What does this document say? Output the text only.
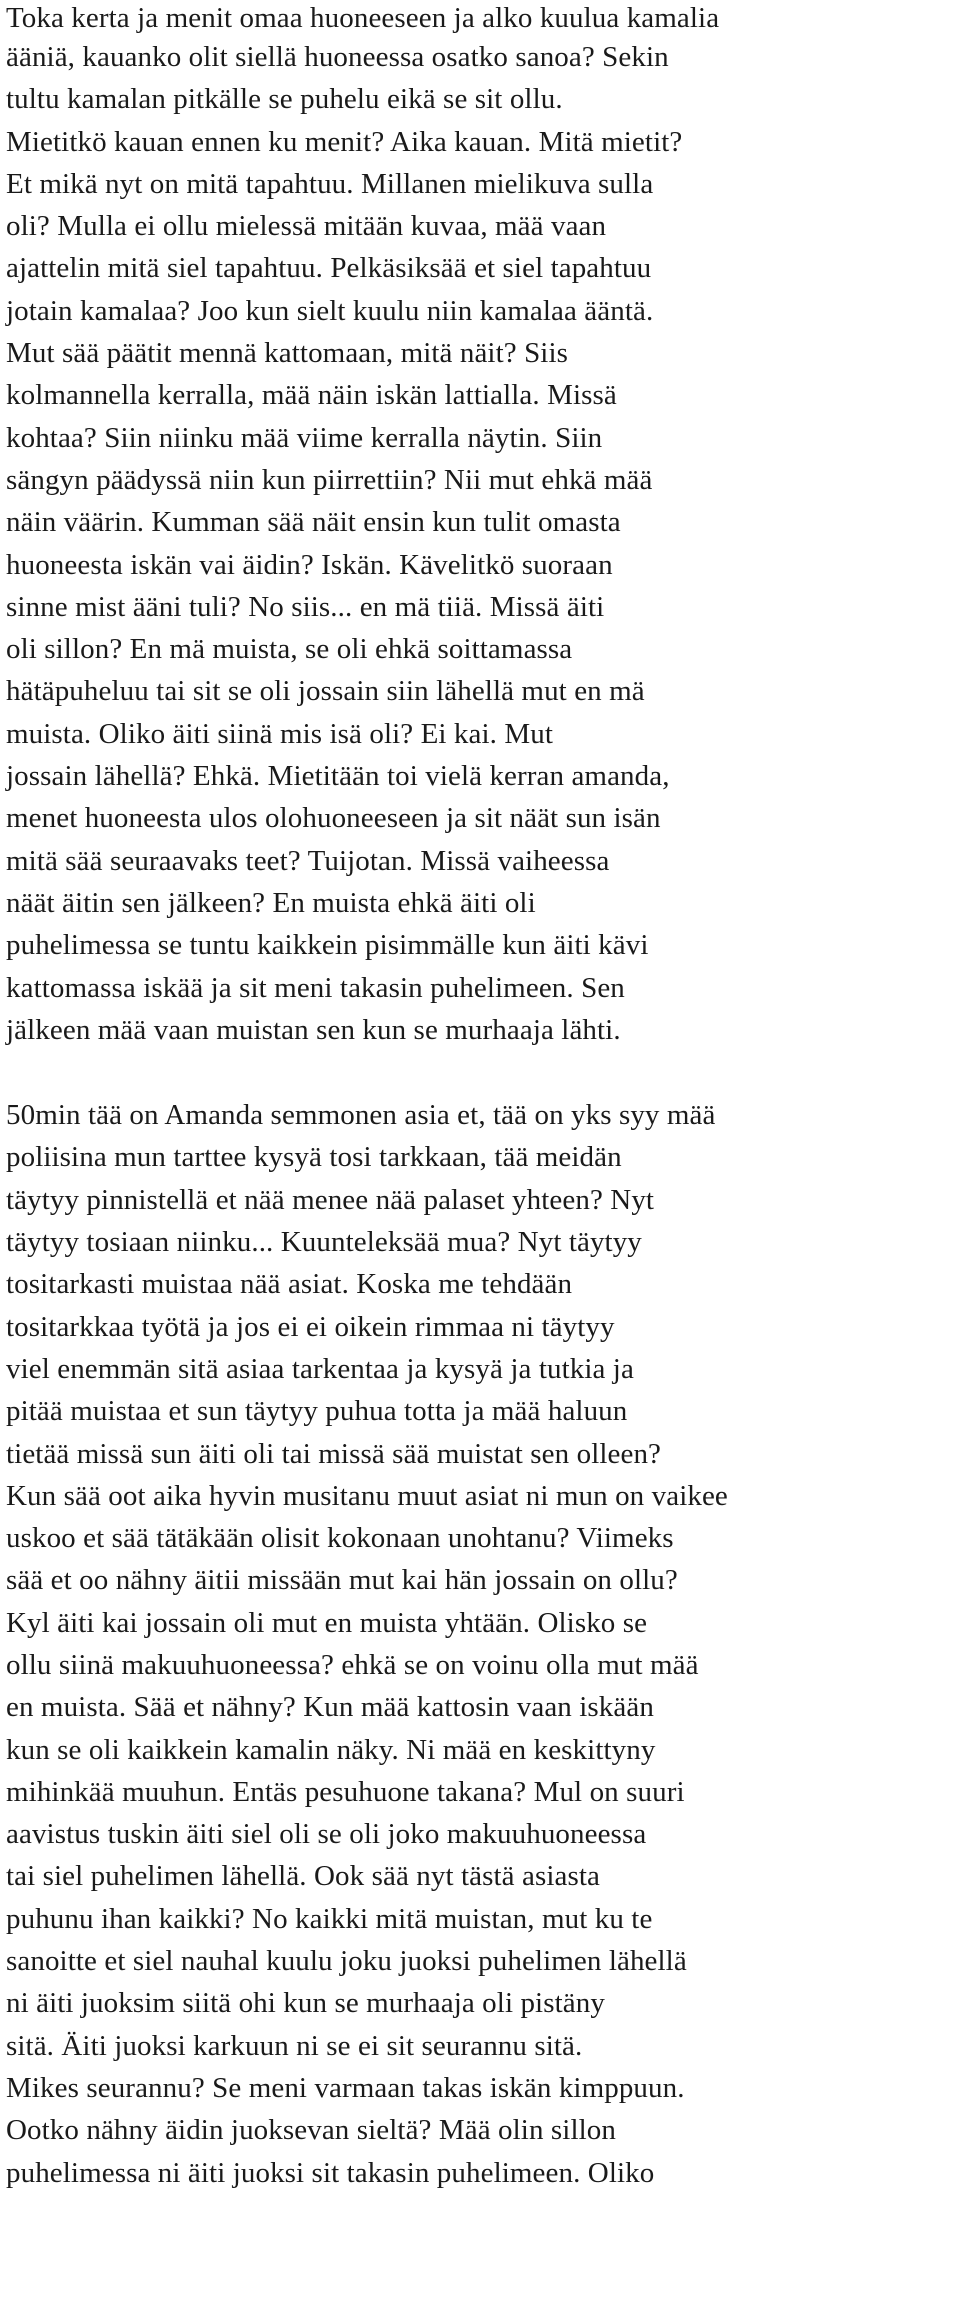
Toka kerta ja menit omaa huoneeseen ja alko kuulua kamalia
ääniä, kauanko olit siellä huoneessa osatko sanoa? Sekin
tultu kamalan pitkälle se puhelu eikä se sit ollu.
Mietitkö kauan ennen ku menit? Aika kauan. Mitä mietit?
Et mikä nyt on mitä tapahtuu. Millanen mielikuva sulla
oli? Mulla ei ollu mielessä mitään kuvaa, mää vaan
ajattelin mitä siel tapahtuu. Pelkäsiksää et siel tapahtuu
jotain kamalaa? Joo kun sielt kuulu niin kamalaa ääntä.
Mut sää päätit mennä kattomaan, mitä näit? Siis
kolmannella kerralla, mää näin iskän lattialla. Missä
kohtaa? Siin niinku mää viime kerralla näytin. Siin
sängyn päädyssä niin kun piirrettiin? Nii mut ehkä mää
näin väärin. Kumman sää näit ensin kun tulit omasta
huoneesta iskän vai äidin? Iskän. Kävelitkö suoraan
sinne mist ääni tuli? No siis... en mä tiiä. Missä äiti
oli sillon? En mä muista, se oli ehkä soittamassa
hätäpuheluu tai sit se oli jossain siin lähellä mut en mä
muista. Oliko äiti siinä mis isä oli? Ei kai. Mut
jossain lähellä? Ehkä. Mietitään toi vielä kerran amanda,
menet huoneesta ulos olohuoneeseen ja sit näät sun isän
mitä sää seuraavaks teet? Tuijotan. Missä vaiheessa
näät äitin sen jälkeen? En muista ehkä äiti oli
puhelimessa se tuntu kaikkein pisimmälle kun äiti kävi
kattomassa iskää ja sit meni takasin puhelimeen. Sen
jälkeen mää vaan muistan sen kun se murhaaja lähti.
50min tää on Amanda semmonen asia et, tää on yks syy mää
poliisina mun tarttee kysyä tosi tarkkaan, tää meidän
täytyy pinnistellä et nää menee nää palaset yhteen? Nyt
täytyy tosiaan niinku... Kuunteleksää mua? Nyt täytyy
tositarkasti muistaa nää asiat. Koska me tehdään
tositarkkaa työtä ja jos ei ei oikein rimmaa ni täytyy
viel enemmän sitä asiaa tarkentaa ja kysyä ja tutkia ja
pitää muistaa et sun täytyy puhua totta ja mää haluun
tietää missä sun äiti oli tai missä sää muistat sen olleen?
Kun sää oot aika hyvin musitanu muut asiat ni mun on vaikee
uskoo et sää tätäkään olisit kokonaan unohtanu? Viimeks
sää et oo nähny äitii missään mut kai hän jossain on ollu?
Kyl äiti kai jossain oli mut en muista yhtään. Olisko se
ollu siinä makuuhuoneessa? ehkä se on voinu olla mut mää
en muista. Sää et nähny? Kun mää kattosin vaan iskään
kun se oli kaikkein kamalin näky. Ni mää en keskittyny
mihinkää muuhun. Entäs pesuhuone takana? Mul on suuri
aavistus tuskin äiti siel oli se oli joko makuuhuoneessa
tai siel puhelimen lähellä. Ook sää nyt tästä asiasta
puhunu ihan kaikki? No kaikki mitä muistan, mut ku te
sanoitte et siel nauhal kuulu joku juoksi puhelimen lähellä
ni äiti juoksim siitä ohi kun se murhaaja oli pistäny
sitä. Äiti juoksi karkuun ni se ei sit seurannu sitä.
Mikes seurannu? Se meni varmaan takas iskän kimppuun.
Ootko nähny äidin juoksevan sieltä? Mää olin sillon
puhelimessa ni äiti juoksi sit takasin puhelimeen. Oliko
